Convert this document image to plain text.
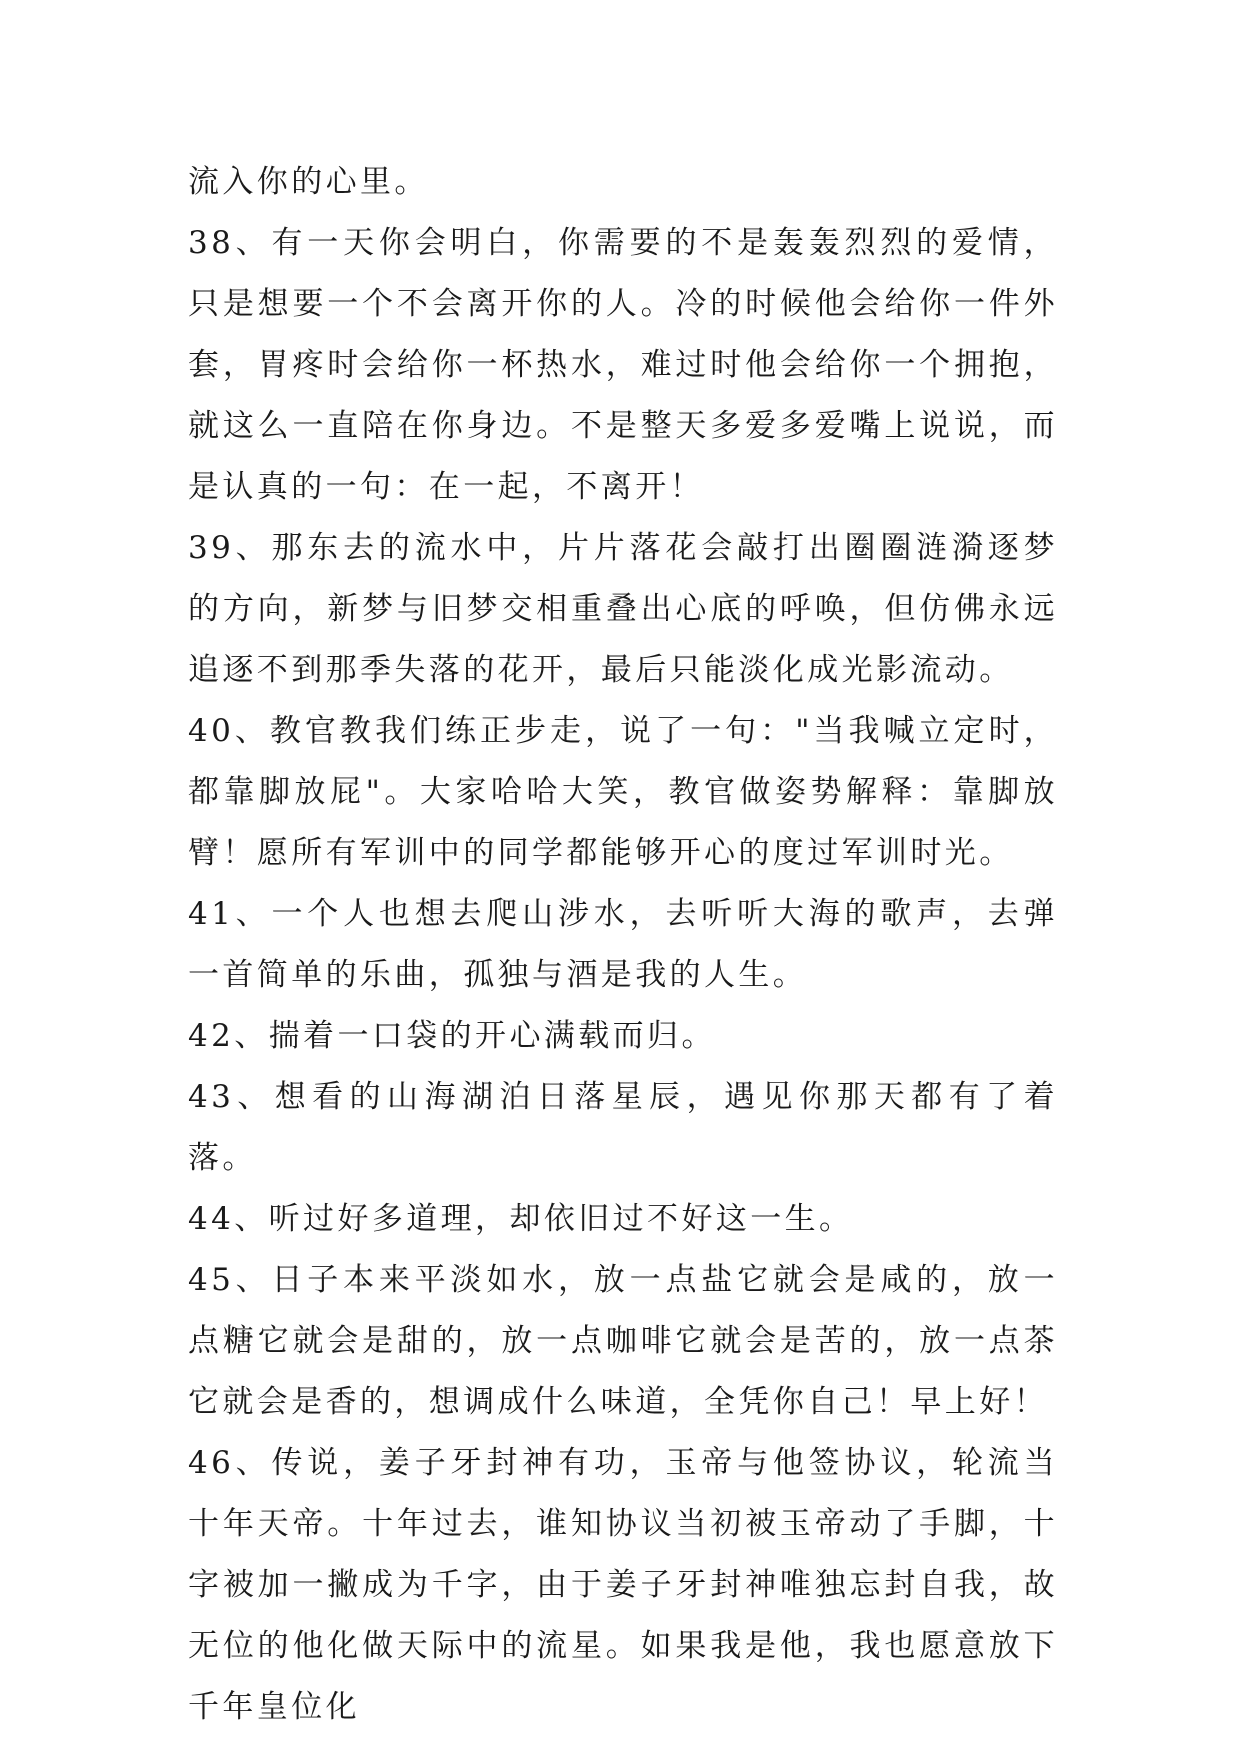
流入你的心里。

38、有一天你会明白，你需要的不是轰轰烈烈的爱情，只是想要一个不会离开你的人。冷的时候他会给你一件外套，胃疼时会给你一杯热水，难过时他会给你一个拥抱，就这么一直陪在你身边。不是整天多爱多爱嘴上说说，而是认真的一句：在一起，不离开！

39、那东去的流水中，片片落花会敲打出圈圈涟漪逐梦的方向，新梦与旧梦交相重叠出心底的呼唤，但仿佛永远追逐不到那季失落的花开，最后只能淡化成光影流动。

40、教官教我们练正步走，说了一句："当我喊立定时，都靠脚放屁"。大家哈哈大笑，教官做姿势解释：靠脚放臂！愿所有军训中的同学都能够开心的度过军训时光。

41、一个人也想去爬山涉水，去听听大海的歌声，去弹一首简单的乐曲，孤独与酒是我的人生。

42、揣着一口袋的开心满载而归。

43、想看的山海湖泊日落星辰，遇见你那天都有了着落。

44、听过好多道理，却依旧过不好这一生。

45、日子本来平淡如水，放一点盐它就会是咸的，放一点糖它就会是甜的，放一点咖啡它就会是苦的，放一点茶它就会是香的，想调成什么味道，全凭你自己！早上好！

46、传说，姜子牙封神有功，玉帝与他签协议，轮流当十年天帝。十年过去，谁知协议当初被玉帝动了手脚，十字被加一撇成为千字，由于姜子牙封神唯独忘封自我，故无位的他化做天际中的流星。如果我是他，我也愿意放下千年皇位化
